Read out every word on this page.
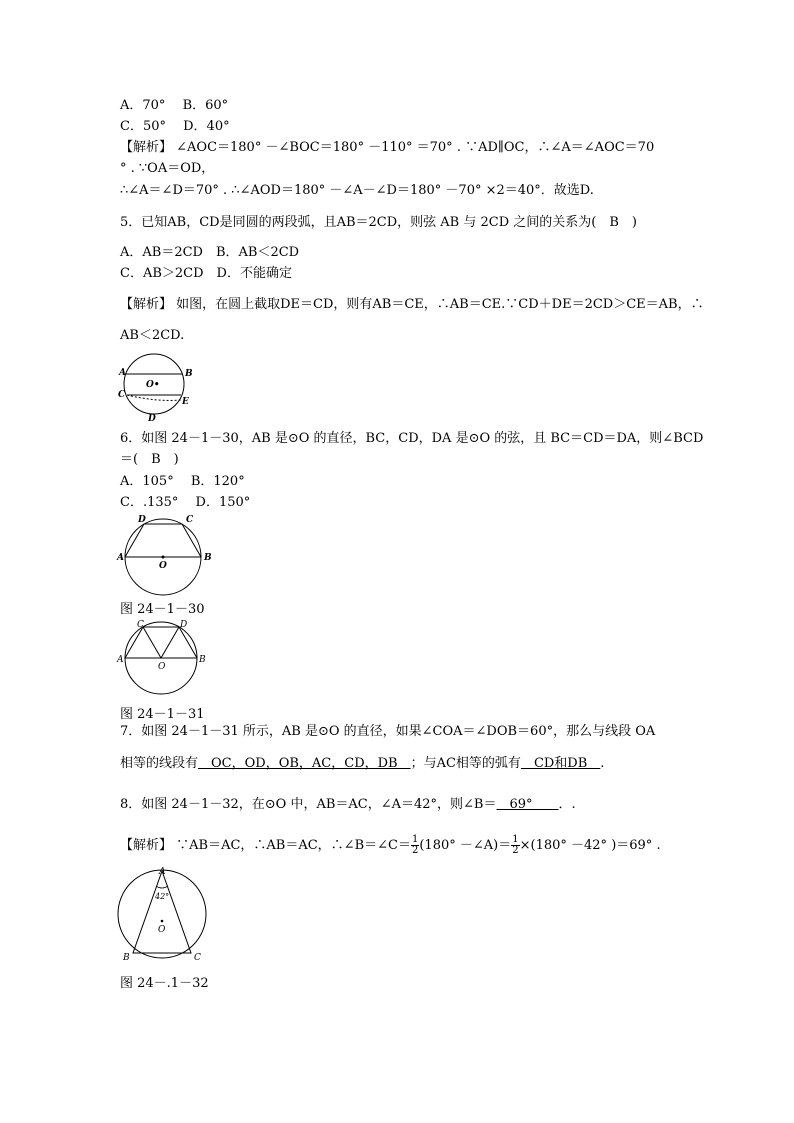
A．70°　 B．60°
C．50°　 D．40°
【解析】 ∠AOC＝180° －∠BOC＝180° －110° ＝70° . ∵AD∥OC，∴∠A＝∠AOC＝70
° . ∵OA＝OD，
∴∠A＝∠D＝70° . ∴∠AOD＝180° －∠A－∠D＝180° －70° ×2＝40°．故选D.
5．已知AB，CD是同圆的两段弧，且AB＝2CD，则弦 AB 与 2CD 之间的关系为(　B　)
A．AB＝2CD　B．AB＜2CD
C．AB＞2CD　D．不能确定
【解析】 如图，在圆上截取DE＝CD，则有AB＝CE，∴AB＝CE.∵CD＋DE＝2CD＞CE＝AB，∴
AB＜2CD.
A	B
C
E
D
O•
6．如图 24－1－30，AB 是⊙O 的直径，BC，CD，DA 是⊙O 的弦，且 BC＝CD＝DA，则∠BCD
＝(　B　)
A．105°　 B．120°
C．.135°　 D．150°
D	C
A	B
O
图 24－1－30
C	D
A	B
O
图 24－1－31
7．如图 24－1－31 所示，AB 是⊙O 的直径，如果∠COA＝∠DOB＝60°，那么与线段 OA
相等的线段有　OC，OD，OB，AC，CD，DB　；与AC相等的弧有　CD和DB　.
8．如图 24－1－32，在⊙O 中，AB＝AC，∠A＝42°，则∠B＝　69°　　．.
【解析】 ∵AB＝AC，∴AB＝AC，∴∠B＝∠C＝ $\frac{1}{2} (180^\circ$ －∠A)＝ $\frac{1}{2} \times(180^\circ -42^\circ$ )＝69° .
A
42°
O
B	C
图 24－.1－32
